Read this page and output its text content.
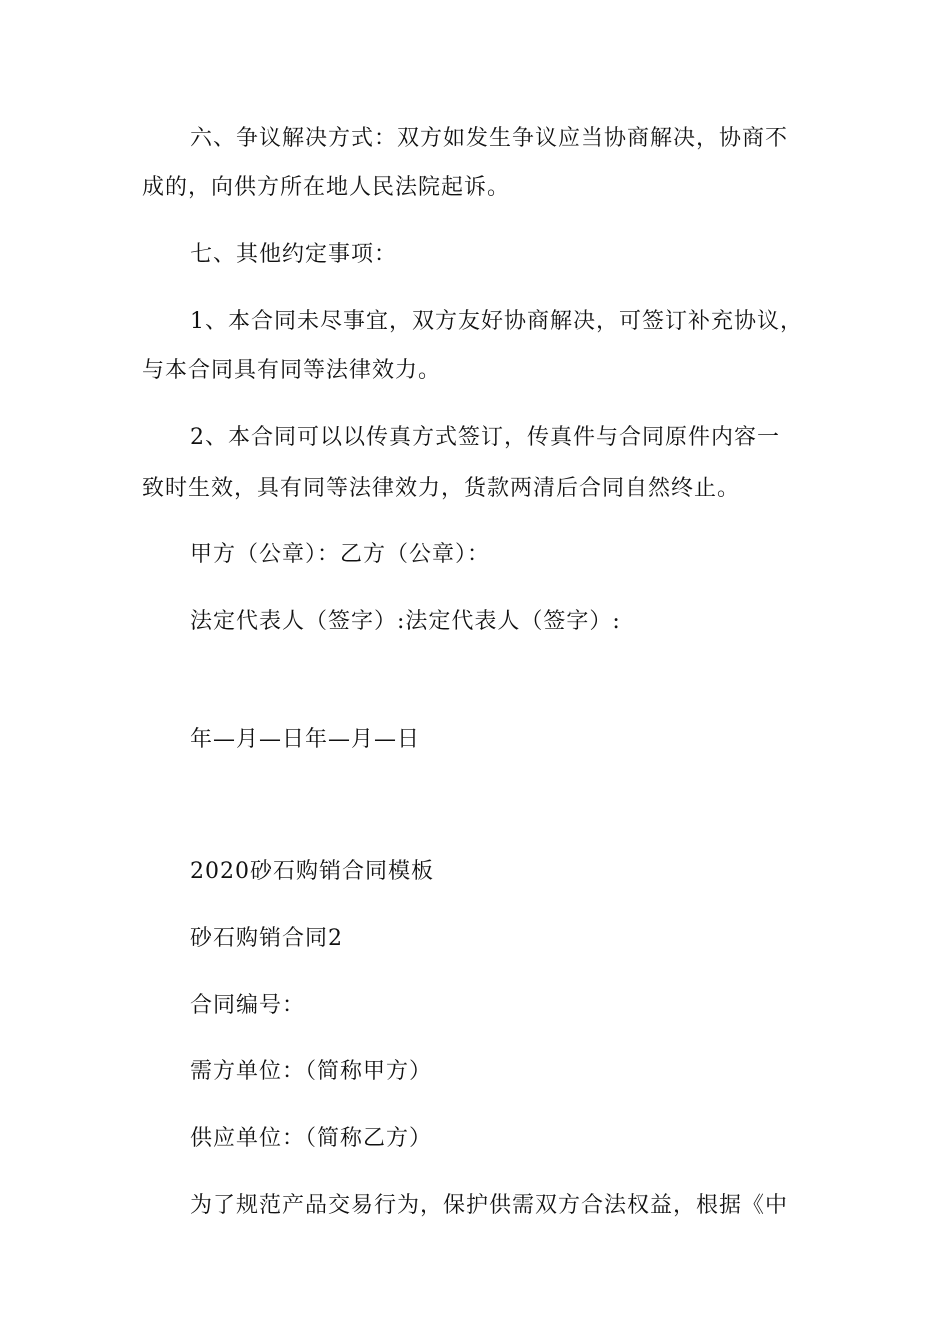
六、争议解决方式：双方如发生争议应当协商解决，协商不
成的，向供方所在地人民法院起诉。
七、其他约定事项：
1、本合同未尽事宜，双方友好协商解决，可签订补充协议，
与本合同具有同等法律效力。
2、本合同可以以传真方式签订，传真件与合同原件内容一
致时生效，具有同等法律效力，货款两清后合同自然终止。
甲方（公章）：乙方（公章）：
法定代表人（签字）:法定代表人（签字）:
年—月—日年—月—日
2020砂石购销合同模板
砂石购销合同2
合同编号：
需方单位：（简称甲方）
供应单位：（简称乙方）
为了规范产品交易行为，保护供需双方合法权益，根据《中
